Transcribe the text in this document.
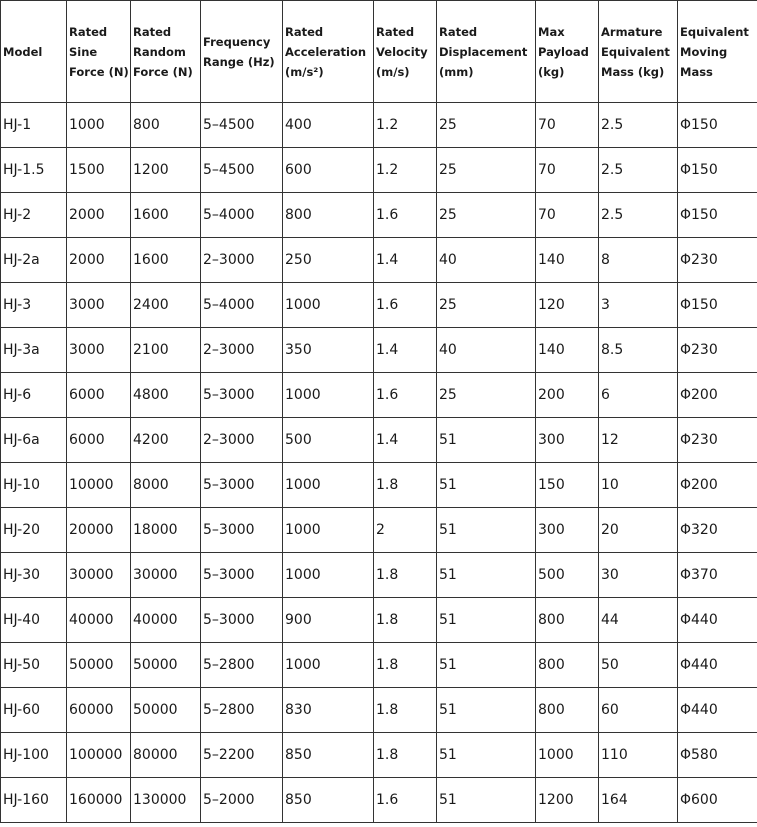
Model	Rated Sine Force (N)	Rated Random Force (N)	Frequency Range (Hz)	Rated Acceleration (m/s²)	Rated Velocity (m/s)	Rated Displacement (mm)	Max Payload (kg)	Armature Equivalent Mass (kg)	Equivalent Moving Mass
HJ-1	1000	800	5–4500	400	1.2	25	70	2.5	Φ150
HJ-1.5	1500	1200	5–4500	600	1.2	25	70	2.5	Φ150
HJ-2	2000	1600	5–4000	800	1.6	25	70	2.5	Φ150
HJ-2a	2000	1600	2–3000	250	1.4	40	140	8	Φ230
HJ-3	3000	2400	5–4000	1000	1.6	25	120	3	Φ150
HJ-3a	3000	2100	2–3000	350	1.4	40	140	8.5	Φ230
HJ-6	6000	4800	5–3000	1000	1.6	25	200	6	Φ200
HJ-6a	6000	4200	2–3000	500	1.4	51	300	12	Φ230
HJ-10	10000	8000	5–3000	1000	1.8	51	150	10	Φ200
HJ-20	20000	18000	5–3000	1000	2	51	300	20	Φ320
HJ-30	30000	30000	5–3000	1000	1.8	51	500	30	Φ370
HJ-40	40000	40000	5–3000	900	1.8	51	800	44	Φ440
HJ-50	50000	50000	5–2800	1000	1.8	51	800	50	Φ440
HJ-60	60000	50000	5–2800	830	1.8	51	800	60	Φ440
HJ-100	100000	80000	5–2200	850	1.8	51	1000	110	Φ580
HJ-160	160000	130000	5–2000	850	1.6	51	1200	164	Φ600
